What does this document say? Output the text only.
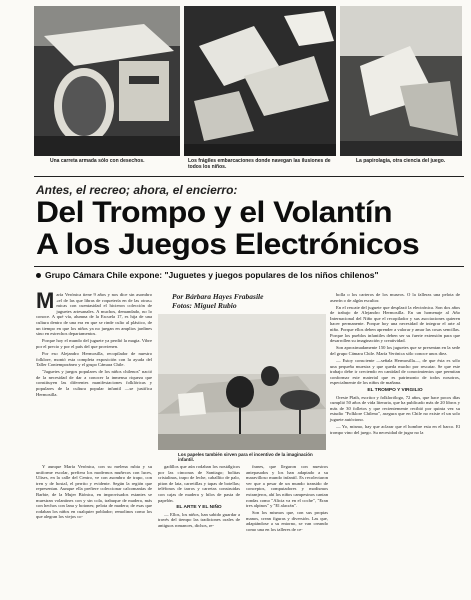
Una carreta armada sólo con desechos.	Los frágiles embarcaciones donde navegan las ilusiones de todos los niños.
La papirolagia, otra ciencia del juego.
Antes, el recreo; ahora, el encierro:
Del Trompo y el Volantín
A los Juegos Electrónicos
Grupo Cámara Chile expone: "Juguetes y juegos populares de los niños chilenos"

María Verónica tiene 9 años y nos dice sin asombro «el de las que libras de roquetería en de las otras» micas con cuentasidad el hicieron colección de juguetes artesanales. A muchos, demandado, no lo conoce. A qué vía, alumna de la Escuela 17, es hija de una cultura dentro de una era en que se rinde culto al plástico, de un tiempo en que los niños ya no juegan en amplios jardines sino en estrechos departamentos.

Porque hoy el mundo del juguete ya perdió la magia. Vibre por el precio y por el país del que provienen.

Por eso Alejandro Hermosilla, recopilador de nuestro folklore, montó esta completa exposición con la ayuda del Taller Contemporáneo y el grupo Cámara Chile.

"Juguetes y juegos populares de los niños chilenos" nació de la necesidad de dar a conocer la inmensa riqueza que constituyen las diferentes manifestaciones folklóricas y populares de la cultura popular infantil —se justifica Hermosilla.

Por Bárbara Hayes Frabasile
Fotos: Miguel Rubio
Los papeles también sirven para el incentivo de la imaginación infantil.

bolla o los carteros de los museos. O la falleras una pelota de aserrín o de algún escultor.

En el rescate del juguete que desplazó la electrónica. Son dos años de trabajo de Alejandro Hermosilla. En un homenaje al Año Internacional del Niño que el recopilador y sus asociaciones quieren hacer permanente. Porque hoy una necesidad de integrar el arte al niño. Porque ellos deben aprender a valorar y amar las cosas sencillas. Porque los pueblos infantiles deben ser su fuerte extensión para que desarrollen su imaginación y creatividad.

Son aproximadamente 150 los juguetes que se presentan en la sede del grupo Cámara Chile. María Verónica sólo conoce unos diez.

— Estoy consciente —señala Hermosilla—, de que ésta es sólo una pequeña muestra y que queda mucho por rescatar. Se que este trabajo debe ir creciendo en cantidad de conocimientos que permitan conformar este material que es patrimonio de todos nosotros, especialmente de los niños de mañana.

EL TROMPO Y VIRGILIO

Oreste Plath, escritor y folklorólogo, 72 años, que hace pocos días cumplió 50 años de vida literaria, que ha publicado más de 20 libros y más de 30 folletos y que recientemente recibió por quinta vez su estudio "Folklore Chileno", asegura que en Chile no existe el un solo juguete autóctono.

— Yo, mismo, hay que aclarar que el hombre esta en el barco. El trompo vino del juego. Su necesidad de jugar no la

Y aunque María Verónica, con su melena rubia y su uniforme escolar, prefiera los modernos muñecos con luces, Ulises, en la calle del Centro, ve con asombro de trapo, con tren y de hostal, el perrito y evidente. Según la región que representan. Aunque ella prefiere coleccionar calcomanías de Barbie, de la Mujer Biónica, en improvisados estantes se muestran volantines con y sin cola, trabuque de madera, más con hechos con lana y botones; pelota de madera; de esas que rodaban los niños en cualquier poblador; remolinos como los que alegran los viejos co-

gadillos que aún rodaban los nostálgicos por las cinconas de Santiago; bolitas cristalinas, trapo de leche, caballito de palo, piton de lata, carretillas y tapas de botellas; teléfonos de tarros y carretas construidas con cajas de madera y hilos de pasta de papelón.

EL ARTE Y EL NIÑO

— Ellos, los niños, han sabido guardar a través del tiempo las tradiciones orales de antiguos romances, dichos, re-

franes, que llegaron con nuestros antepasados y los han adaptado a su maravilloso mundo infantil. Es recolectaron ver que a pesar de un mundo transido de conceptos, computadores y modismos extranjeros, ahí los niños campesinos cantan rondas como "Alicia va en el coche", "Eran tres alpinos" y "El alacrán".

Son los mismos que, con sus propias manos, crean figuras y diversión. Las que, adaptándose a su entorno, se van creando como una en los talleres de ce-
